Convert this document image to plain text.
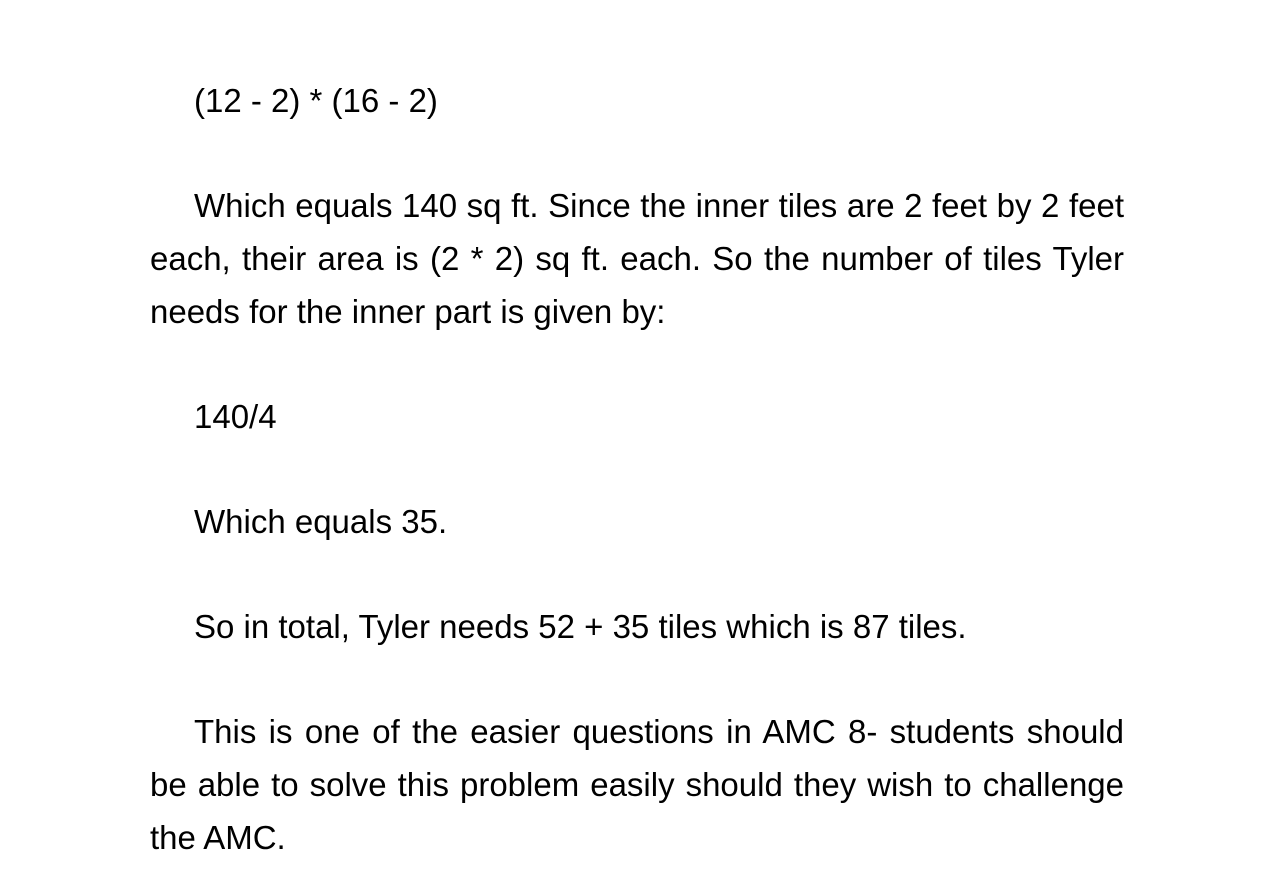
(12 - 2) * (16 - 2)

Which equals 140 sq ft. Since the inner tiles are 2 feet by 2 feet each, their area is (2 * 2) sq ft. each. So the number of tiles Tyler needs for the inner part is given by:

140/4

Which equals 35.

So in total, Tyler needs 52 + 35 tiles which is 87 tiles.

This is one of the easier questions in AMC 8- students should be able to solve this problem easily should they wish to challenge the AMC.
